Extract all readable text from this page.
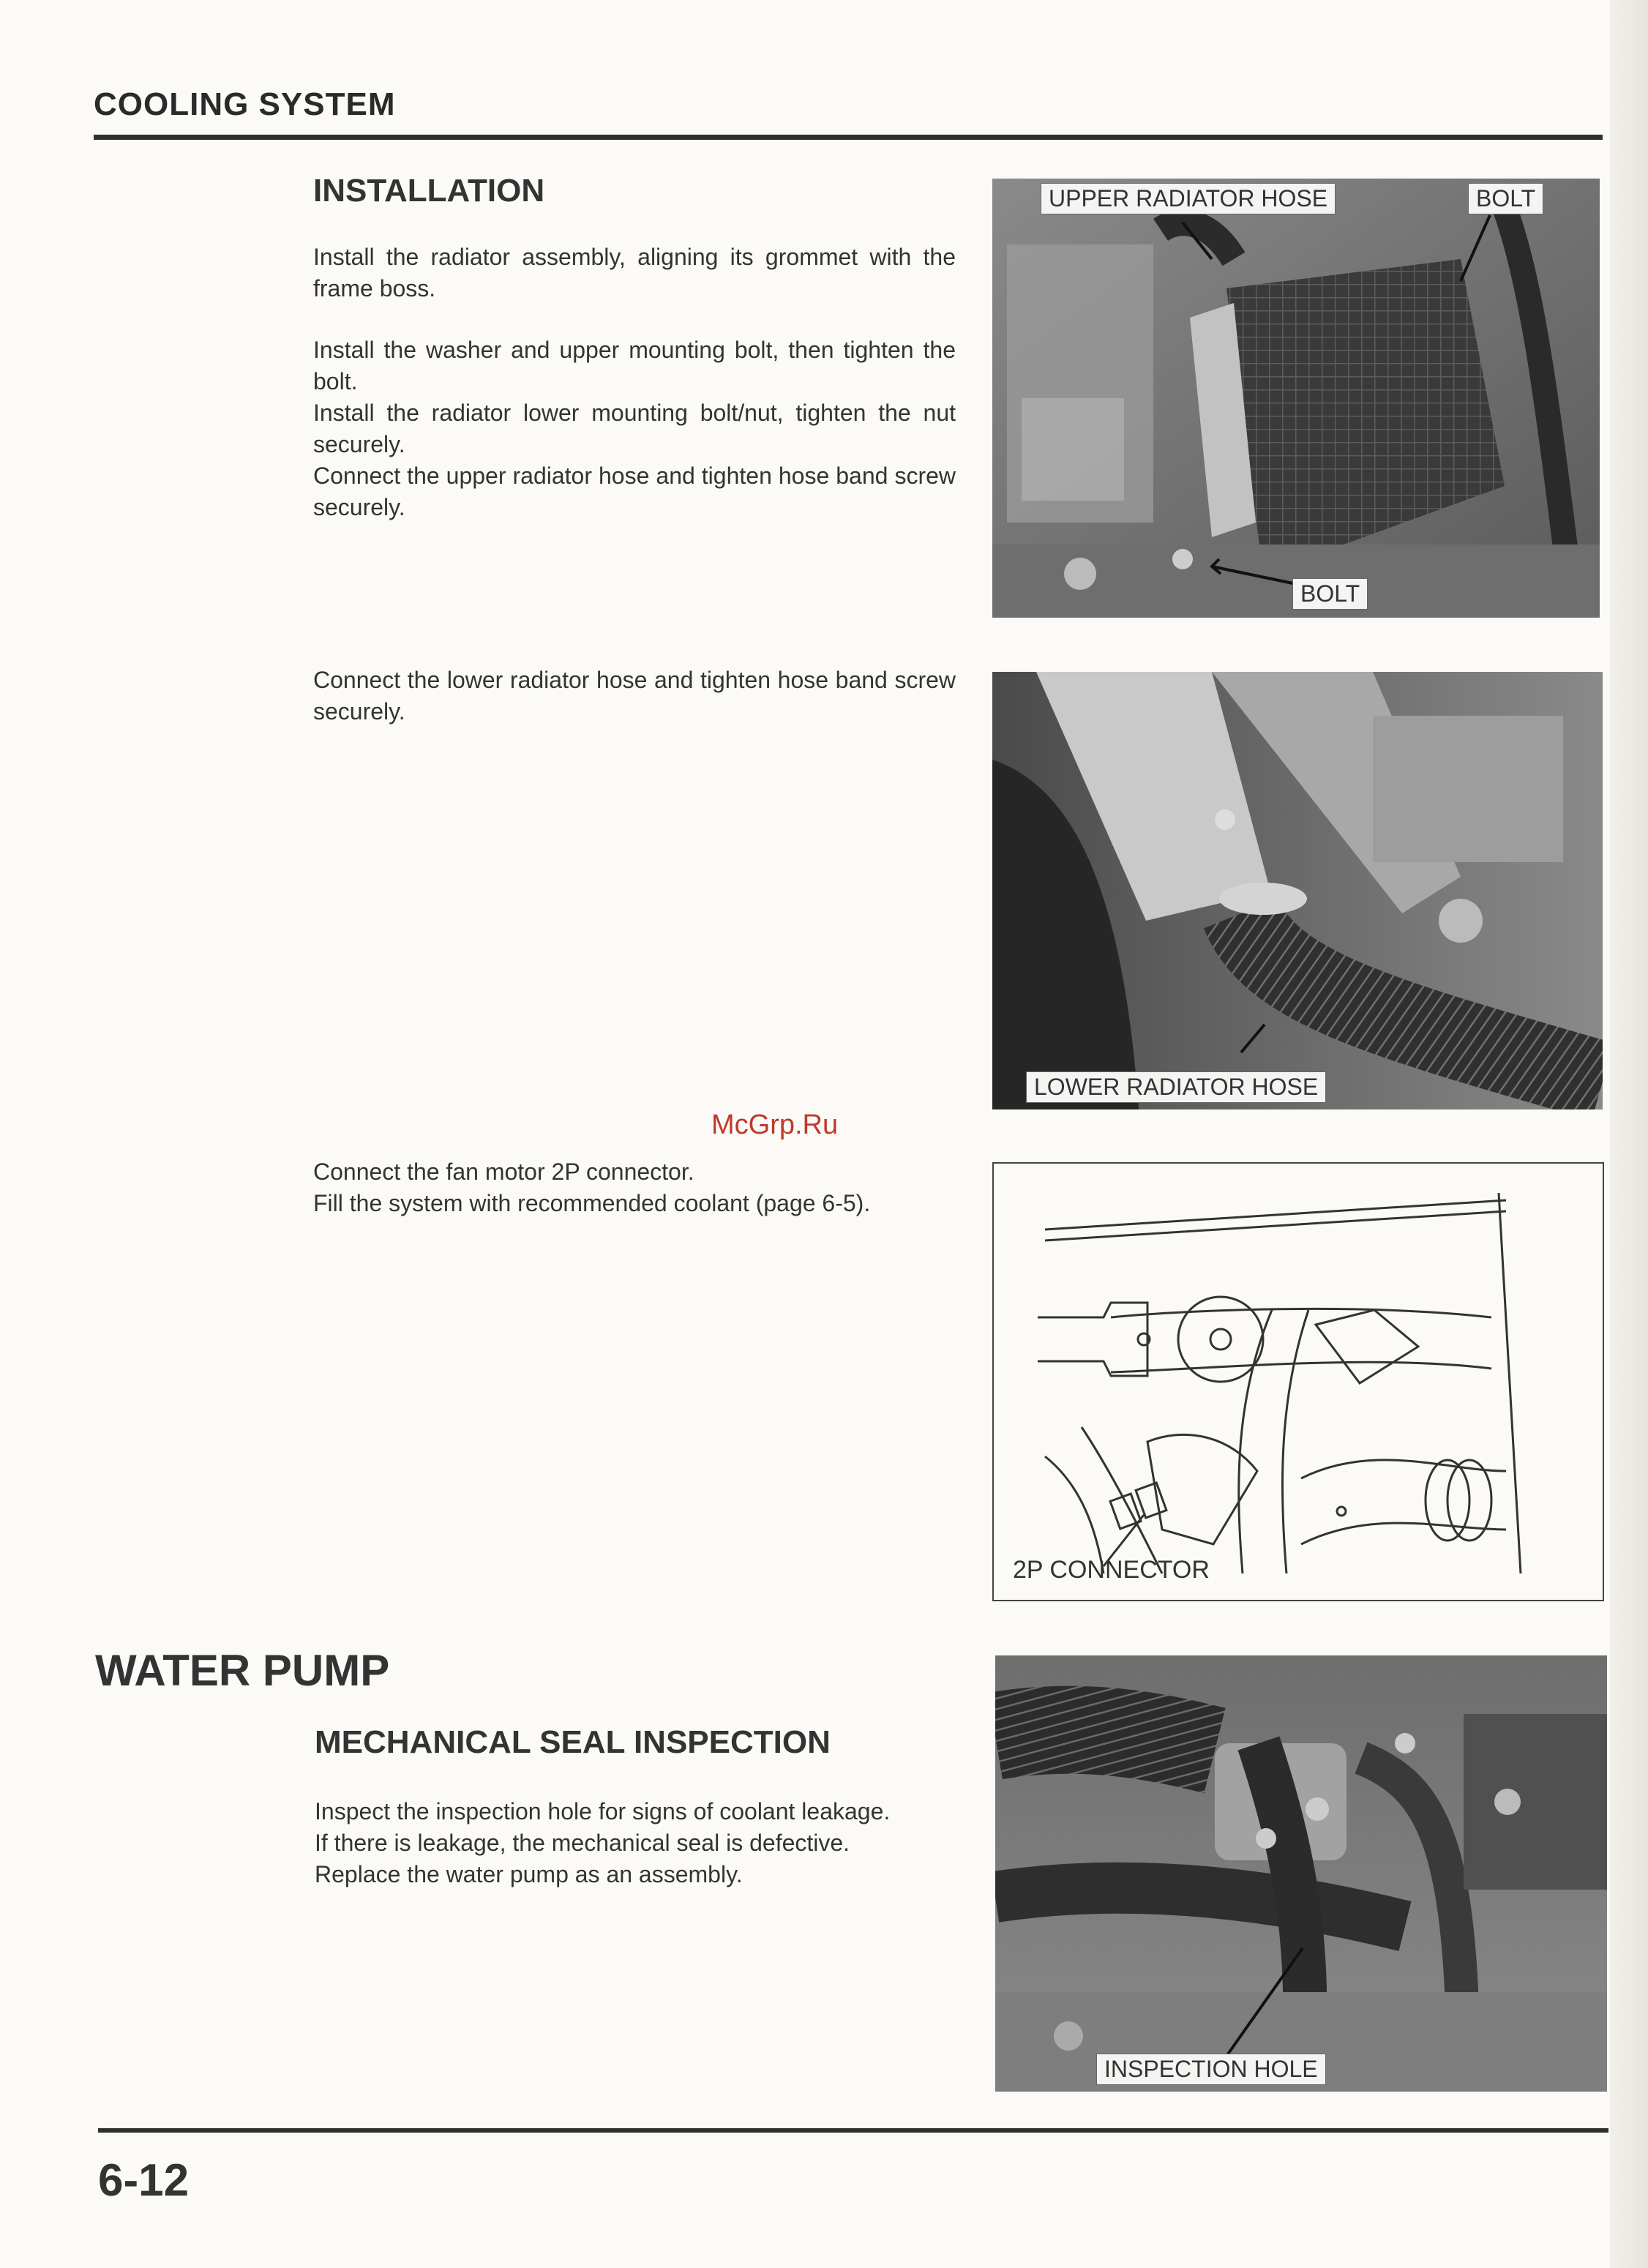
COOLING SYSTEM
INSTALLATION

Install the radiator assembly, aligning its grommet with the frame boss.

Install the washer and upper mounting bolt, then tighten the bolt.

Install the radiator lower mounting bolt/nut, tighten the nut securely.

Connect the upper radiator hose and tighten hose band screw securely.

Connect the lower radiator hose and tighten hose band screw securely.

Connect the fan motor 2P connector.

Fill the system with recommended coolant (page 6-5).

UPPER RADIATOR HOSE	BOLT
BOLT
LOWER RADIATOR HOSE
McGrp.Ru
2P CONNECTOR
WATER PUMP
MECHANICAL SEAL INSPECTION

Inspect the inspection hole for signs of coolant leakage.

If there is leakage, the mechanical seal is defective.

Replace the water pump as an assembly.

INSPECTION HOLE
6-12
